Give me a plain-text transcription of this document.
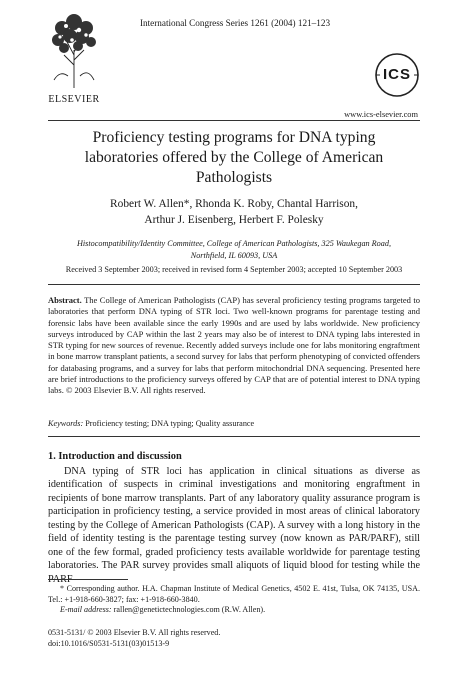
ELSEVIER
International Congress Series 1261 (2004) 121–123
ICS
www.ics-elsevier.com
Proficiency testing programs for DNA typing laboratories offered by the College of American Pathologists
Robert W. Allen*, Rhonda K. Roby, Chantal Harrison,
Arthur J. Eisenberg, Herbert F. Polesky
Histocompatibility/Identity Committee, College of American Pathologists, 325 Waukegan Road, Northfield, IL 60093, USA
Received 3 September 2003; received in revised form 4 September 2003; accepted 10 September 2003
Abstract. The College of American Pathologists (CAP) has several proficiency testing programs targeted to laboratories that perform DNA typing of STR loci. Two well-known programs for parentage testing and forensic labs have been available since the early 1990s and are used by labs worldwide. New proficiency surveys introduced by CAP within the last 2 years may also be of interest to DNA typing labs interested in STR typing for new sources of revenue. Recently added surveys include one for labs monitoring engraftment in bone marrow transplant patients, a second survey for labs that perform phenotyping of convicted offenders for databasing programs, and a survey for labs that perform mitochondrial DNA sequencing. Presented here are brief introductions to the proficiency surveys offered by CAP that are of potential interest to DNA typing labs. © 2003 Elsevier B.V. All rights reserved.
Keywords: Proficiency testing; DNA typing; Quality assurance
1. Introduction and discussion

DNA typing of STR loci has application in clinical situations as diverse as identification of suspects in criminal investigations and monitoring engraftment in recipients of bone marrow transplants. Part of any laboratory quality assurance program is participation in proficiency testing, a service provided in most areas of clinical laboratory testing by the College of American Pathologists (CAP). A survey with a long history in the field of identity testing is the parentage testing survey (now known as PAR/PARF), still one of the few formal, graded proficiency tests available worldwide for parentage testing laboratories. The PAR survey provides small aliquots of liquid blood for testing while the PARF

* Corresponding author. H.A. Chapman Institute of Medical Genetics, 4502 E. 41st, Tulsa, OK 74135, USA. Tel.: +1-918-660-3827; fax: +1-918-660-3840.

E-mail address: rallen@genetictechnologies.com (R.W. Allen).

0531-5131/ © 2003 Elsevier B.V. All rights reserved.
doi:10.1016/S0531-5131(03)01513-9
